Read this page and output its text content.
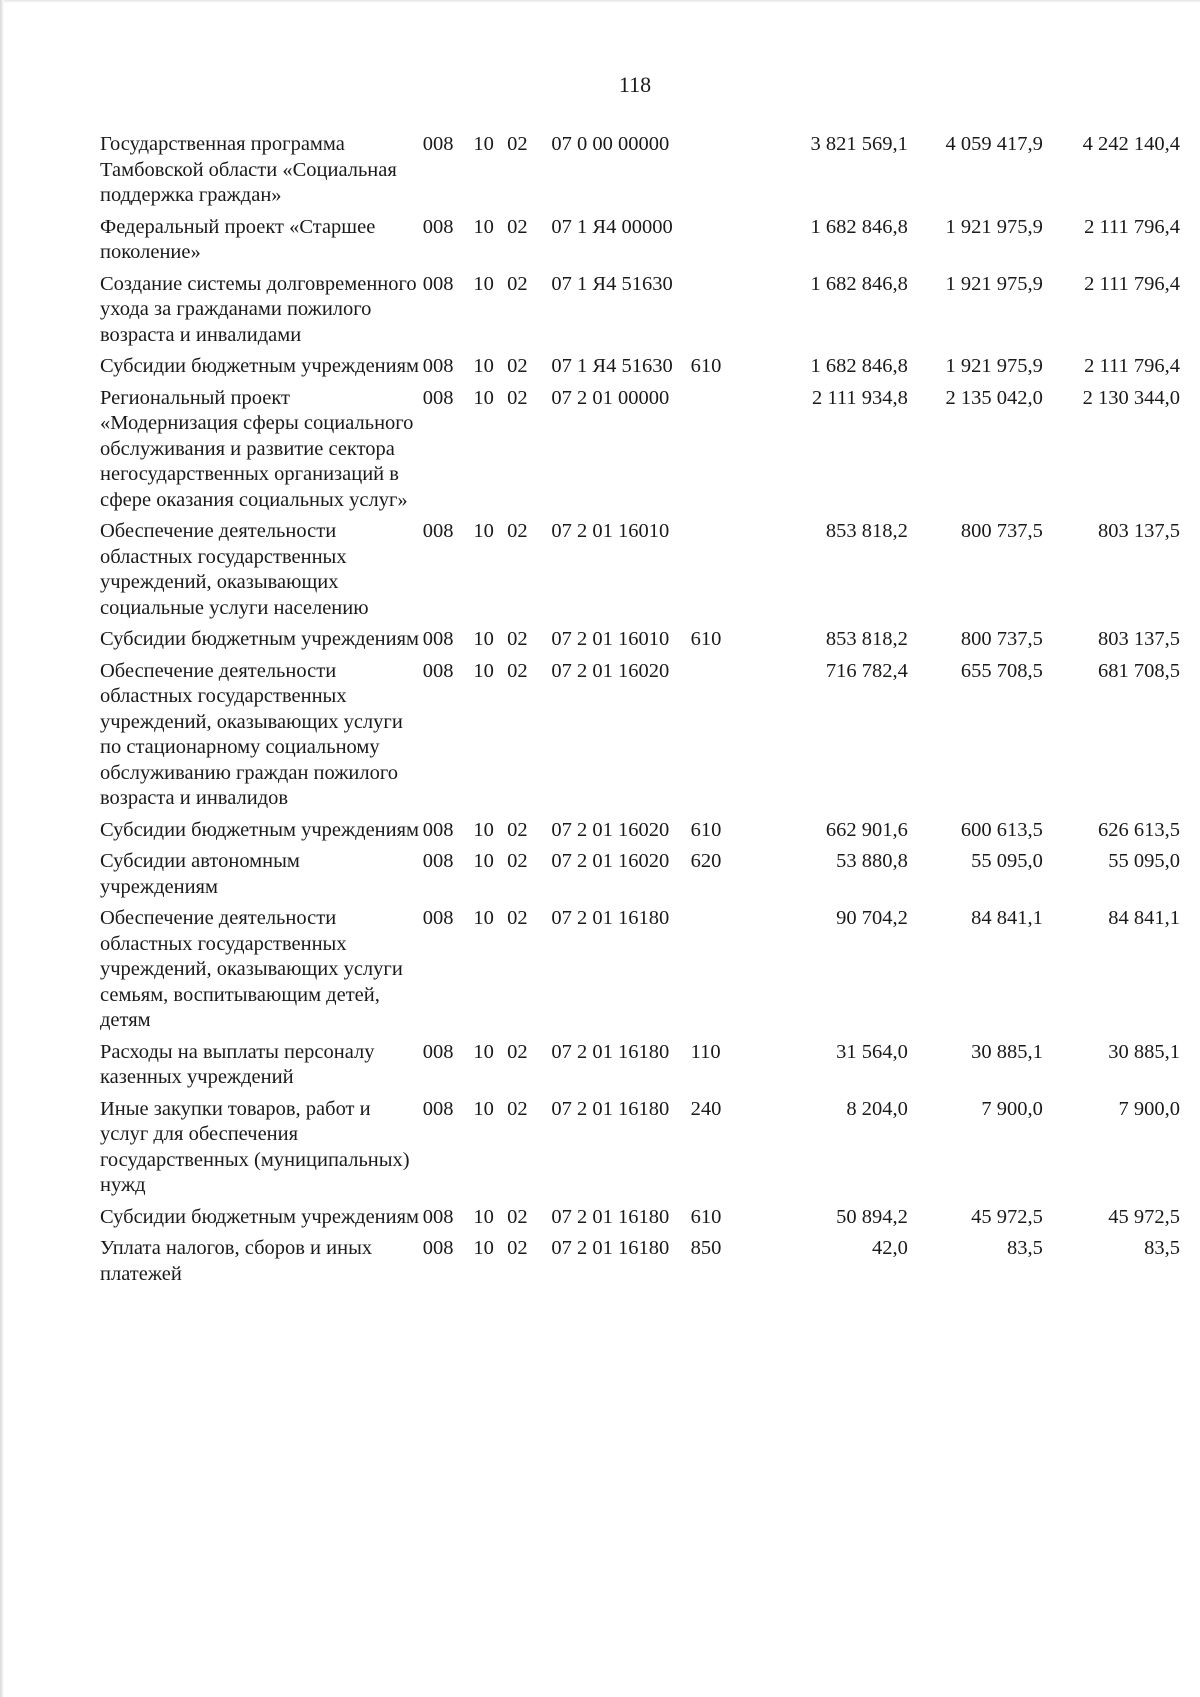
118
Государственная программа Тамбовской области «Социальная поддержка граждан»	008	10	02	07 0 00 00000		3 821 569,1	4 059 417,9	4 242 140,4
Федеральный проект «Старшее поколение»	008	10	02	07 1 Я4 00000		1 682 846,8	1 921 975,9	2 111 796,4
Создание системы долговременного ухода за гражданами пожилого возраста и инвалидами	008	10	02	07 1 Я4 51630		1 682 846,8	1 921 975,9	2 111 796,4
Субсидии бюджетным учреждениям	008	10	02	07 1 Я4 51630	610	1 682 846,8	1 921 975,9	2 111 796,4
Региональный проект «Модернизация сферы социального обслуживания и развитие сектора негосударственных организаций в сфере оказания социальных услуг»	008	10	02	07 2 01 00000		2 111 934,8	2 135 042,0	2 130 344,0
Обеспечение деятельности областных государственных учреждений, оказывающих социальные услуги населению	008	10	02	07 2 01 16010		853 818,2	800 737,5	803 137,5
Субсидии бюджетным учреждениям	008	10	02	07 2 01 16010	610	853 818,2	800 737,5	803 137,5
Обеспечение деятельности областных государственных учреждений, оказывающих услуги по стационарному социальному обслуживанию граждан пожилого возраста и инвалидов	008	10	02	07 2 01 16020		716 782,4	655 708,5	681 708,5
Субсидии бюджетным учреждениям	008	10	02	07 2 01 16020	610	662 901,6	600 613,5	626 613,5
Субсидии автономным учреждениям	008	10	02	07 2 01 16020	620	53 880,8	55 095,0	55 095,0
Обеспечение деятельности областных государственных учреждений, оказывающих услуги семьям, воспитывающим детей, детям	008	10	02	07 2 01 16180		90 704,2	84 841,1	84 841,1
Расходы на выплаты персоналу казенных учреждений	008	10	02	07 2 01 16180	110	31 564,0	30 885,1	30 885,1
Иные закупки товаров, работ и услуг для обеспечения государственных (муниципальных) нужд	008	10	02	07 2 01 16180	240	8 204,0	7 900,0	7 900,0
Субсидии бюджетным учреждениям	008	10	02	07 2 01 16180	610	50 894,2	45 972,5	45 972,5
Уплата налогов, сборов и иных платежей	008	10	02	07 2 01 16180	850	42,0	83,5	83,5
